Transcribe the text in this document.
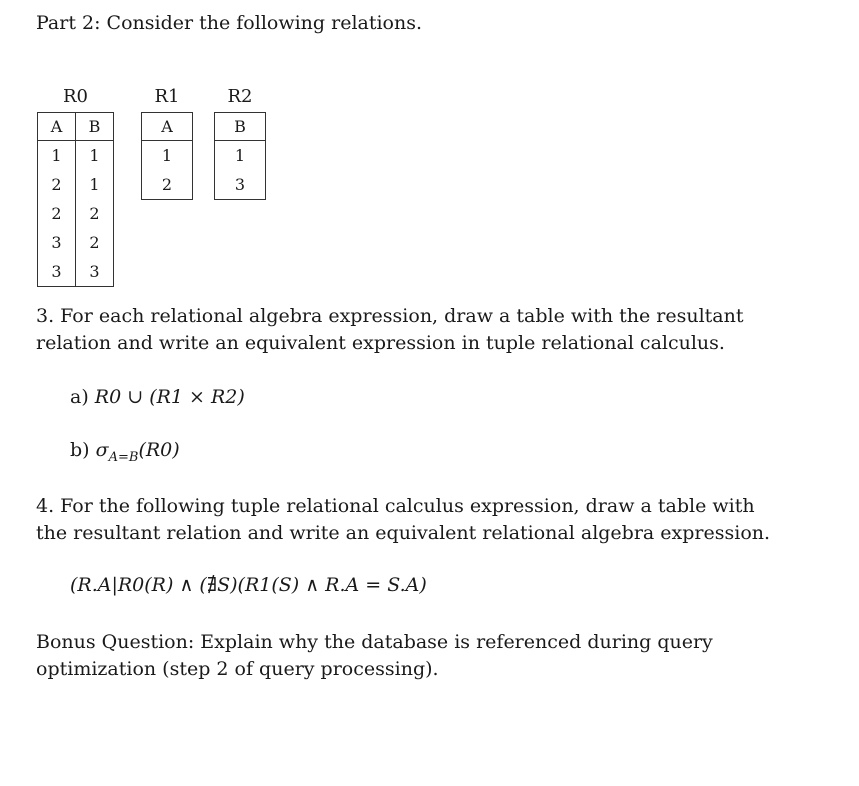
Part 2: Consider the following relations.
R0
A	B
1	1
2	1
2	2
3	2
3	3
R1
A
1
2
R2
B
1
3
3. For each relational algebra expression, draw a table with the resultant relation and write an equivalent expression in tuple relational calculus.
a) R0 ∪ (R1 × R2)
b) $\sigma_{A=B}(R0)$
4. For the following tuple relational calculus expression, draw a table with the resultant relation and write an equivalent relational algebra expression.
(R.A|R0(R) ∧ (∄S)(R1(S) ∧ R.A = S.A)
Bonus Question: Explain why the database is referenced during query optimization (step 2 of query processing).
